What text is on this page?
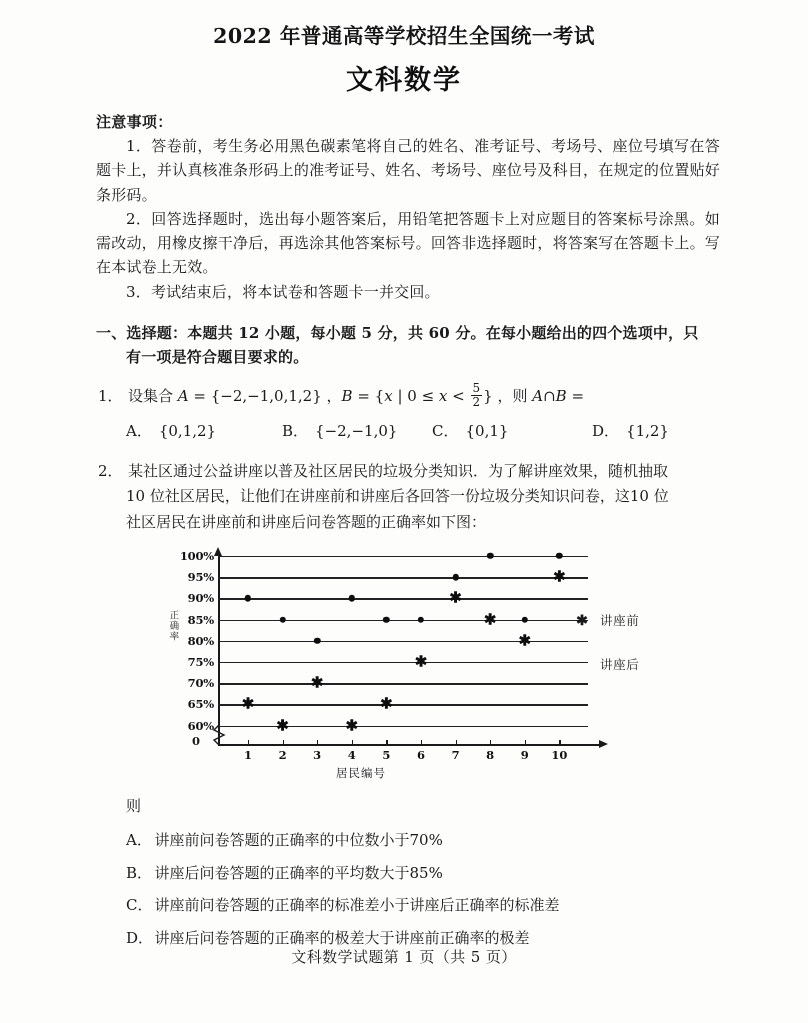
2022 年普通高等学校招生全国统一考试
文科数学
注意事项：

1．答卷前，考生务必用黑色碳素笔将自己的姓名、准考证号、考场号、座位号填写在答题卡上，并认真核准条形码上的准考证号、姓名、考场号、座位号及科目，在规定的位置贴好条形码。

2．回答选择题时，选出每小题答案后，用铅笔把答题卡上对应题目的答案标号涂黑。如需改动，用橡皮擦干净后，再选涂其他答案标号。回答非选择题时，将答案写在答题卡上。写在本试卷上无效。

3．考试结束后，将本试卷和答题卡一并交回。

一、选择题：本题共 12 小题，每小题 5 分，共 60 分。在每小题给出的四个选项中，只
有一项是符合题目要求的。
1． 设集合 A = {−2,−1,0,1,2} ，B = {x | $0 \le x < \frac{5}{2}$ } ，则 A∩B =
A． {0,1,2}	B． {−2,−1,0}	C． {0,1}	D． {1,2}
2． 某社区通过公益讲座以普及社区居民的垃圾分类知识．为了解讲座效果，随机抽取
10 位社区居民，让他们在讲座前和讲座后各回答一份垃圾分类知识问卷，这10 位
社区居民在讲座前和讲座后问卷答题的正确率如下图：
正确率
60%
65%
70%
75%
80%
85%
90%
95%
100%
0
居民编号
1 2 3 4 5 6 7 8 9 10
✱
✱
✱
✱
✱
✱
✱
✱
✱
✱
✱ 讲座前
讲座后
则
A． 讲座前问卷答题的正确率的中位数小于70%
B． 讲座后问卷答题的正确率的平均数大于85%
C． 讲座前问卷答题的正确率的标准差小于讲座后正确率的标准差
D． 讲座后问卷答题的正确率的极差大于讲座前正确率的极差
文科数学试题第 1 页（共 5 页）
